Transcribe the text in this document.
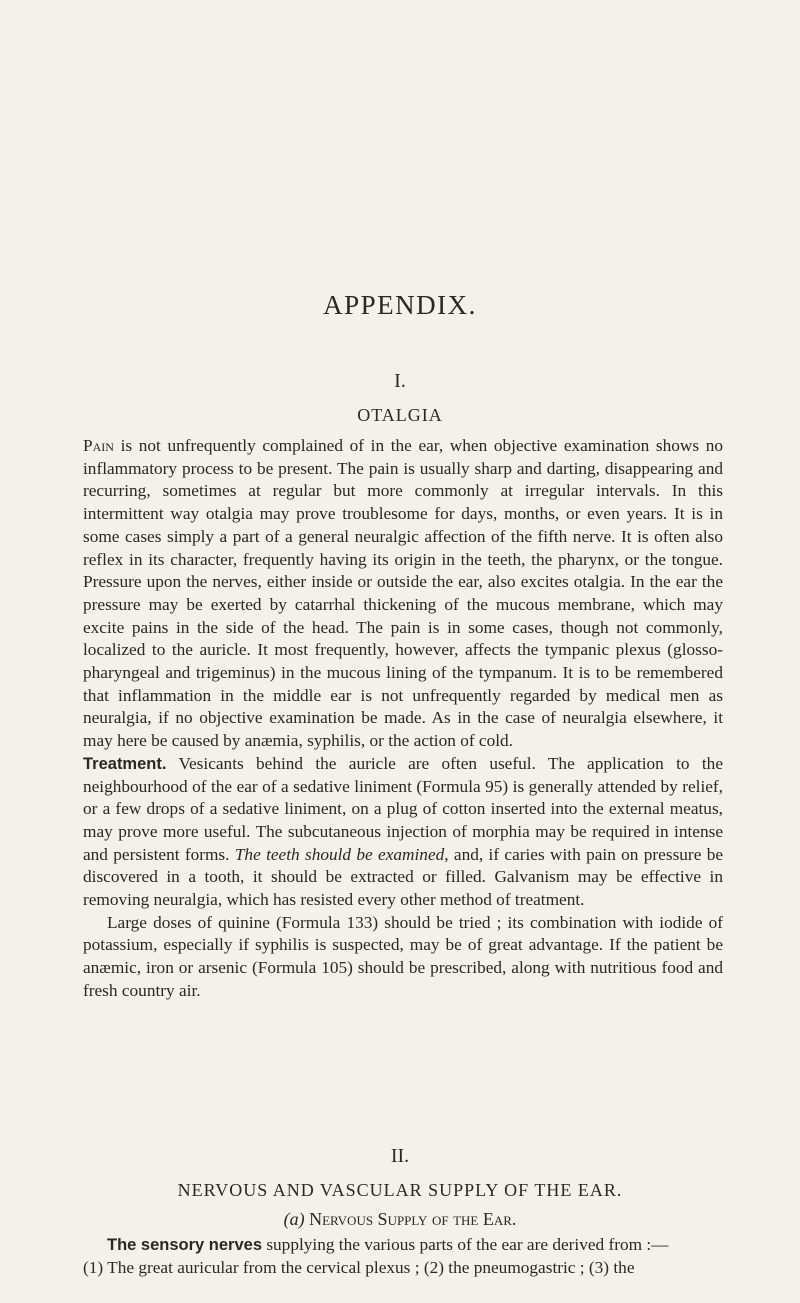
APPENDIX.
I.
OTALGIA

Pain is not unfrequently complained of in the ear, when objective examination shows no inflammatory process to be present. The pain is usually sharp and darting, disappearing and recurring, sometimes at regular but more commonly at irregular intervals. In this intermittent way otalgia may prove troublesome for days, months, or even years. It is in some cases simply a part of a general neuralgic affection of the fifth nerve. It is often also reflex in its character, frequently having its origin in the teeth, the pharynx, or the tongue. Pressure upon the nerves, either inside or outside the ear, also excites otalgia. In the ear the pressure may be exerted by catarrhal thickening of the mucous membrane, which may excite pains in the side of the head. The pain is in some cases, though not commonly, localized to the auricle. It most frequently, however, affects the tympanic plexus (glosso-pharyngeal and trigeminus) in the mucous lining of the tympanum. It is to be remembered that inflammation in the middle ear is not unfrequently regarded by medical men as neuralgia, if no objective examination be made. As in the case of neuralgia elsewhere, it may here be caused by anæmia, syphilis, or the action of cold.

Treatment. Vesicants behind the auricle are often useful. The application to the neighbourhood of the ear of a sedative liniment (Formula 95) is generally attended by relief, or a few drops of a sedative liniment, on a plug of cotton inserted into the external meatus, may prove more useful. The subcutaneous injection of morphia may be required in intense and persistent forms. The teeth should be examined, and, if caries with pain on pressure be discovered in a tooth, it should be extracted or filled. Galvanism may be effective in removing neuralgia, which has resisted every other method of treatment.

Large doses of quinine (Formula 133) should be tried ; its combination with iodide of potassium, especially if syphilis is suspected, may be of great advantage. If the patient be anæmic, iron or arsenic (Formula 105) should be prescribed, along with nutritious food and fresh country air.

II.
NERVOUS AND VASCULAR SUPPLY OF THE EAR.
(a) Nervous Supply of the Ear.

The sensory nerves supplying the various parts of the ear are derived from :—

(1) The great auricular from the cervical plexus ; (2) the pneumogastric ; (3) the
